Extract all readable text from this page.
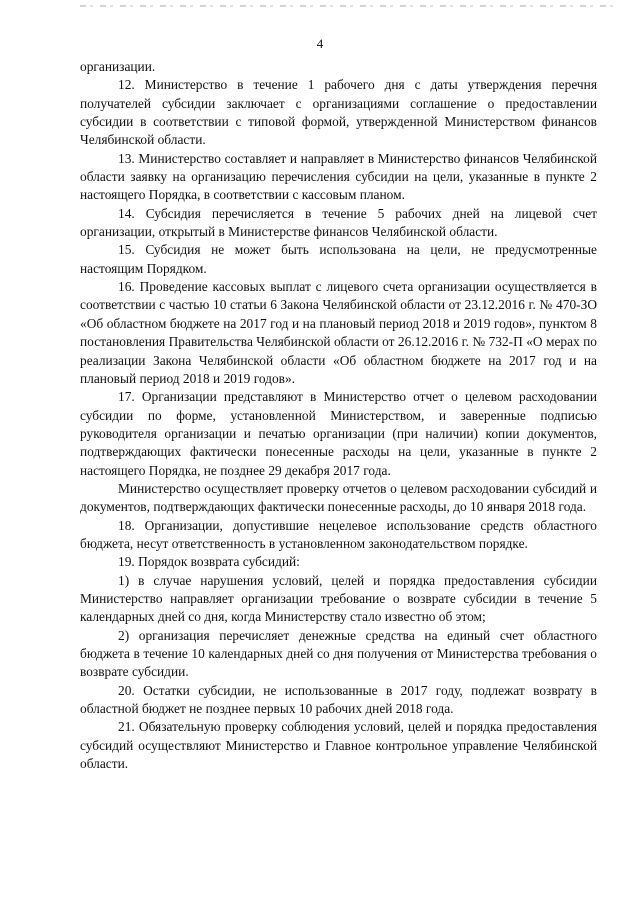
4

организации.

12. Министерство в течение 1 рабочего дня с даты утверждения перечня получателей субсидии заключает с организациями соглашение о предоставлении субсидии в соответствии с типовой формой, утвержденной Министерством финансов Челябинской области.

13. Министерство составляет и направляет в Министерство финансов Челябинской области заявку на организацию перечисления субсидии на цели, указанные в пункте 2 настоящего Порядка, в соответствии с кассовым планом.

14. Субсидия перечисляется в течение 5 рабочих дней на лицевой счет организации, открытый в Министерстве финансов Челябинской области.

15. Субсидия не может быть использована на цели, не предусмотренные настоящим Порядком.

16. Проведение кассовых выплат с лицевого счета организации осуществляется в соответствии с частью 10 статьи 6 Закона Челябинской области от 23.12.2016 г. № 470-ЗО «Об областном бюджете на 2017 год и на плановый период 2018 и 2019 годов», пунктом 8 постановления Правительства Челябинской области от 26.12.2016 г. № 732-П «О мерах по реализации Закона Челябинской области «Об областном бюджете на 2017 год и на плановый период 2018 и 2019 годов».

17. Организации представляют в Министерство отчет о целевом расходовании субсидии по форме, установленной Министерством, и заверенные подписью руководителя организации и печатью организации (при наличии) копии документов, подтверждающих фактически понесенные расходы на цели, указанные в пункте 2 настоящего Порядка, не позднее 29 декабря 2017 года.

Министерство осуществляет проверку отчетов о целевом расходовании субсидий и документов, подтверждающих фактически понесенные расходы, до 10 января 2018 года.

18. Организации, допустившие нецелевое использование средств областного бюджета, несут ответственность в установленном законодательством порядке.

19. Порядок возврата субсидий:

1) в случае нарушения условий, целей и порядка предоставления субсидии Министерство направляет организации требование о возврате субсидии в течение 5 календарных дней со дня, когда Министерству стало известно об этом;

2) организация перечисляет денежные средства на единый счет областного бюджета в течение 10 календарных дней со дня получения от Министерства требования о возврате субсидии.

20. Остатки субсидии, не использованные в 2017 году, подлежат возврату в областной бюджет не позднее первых 10 рабочих дней 2018 года.

21. Обязательную проверку соблюдения условий, целей и порядка предоставления субсидий осуществляют Министерство и Главное контрольное управление Челябинской области.
